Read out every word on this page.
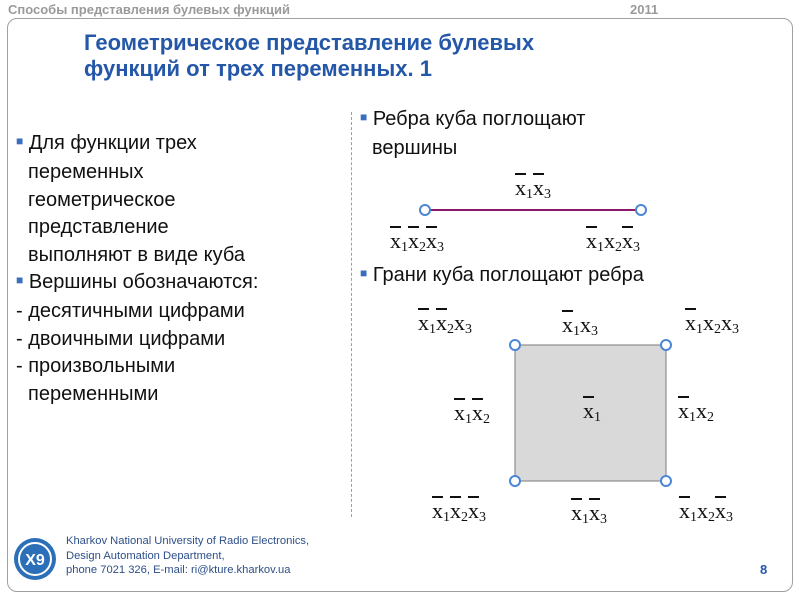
Способы представления булевых функций	2011
Геометрическое представление булевых
функций от трех переменных. 1
■ Для функции трех
переменных
геометрическое
представление
выполняют в виде куба
■ Вершины обозначаются:
- десятичными цифрами
- двоичными цифрами
- произвольными
переменными
■ Ребра куба поглощают
вершины
■ Грани куба поглощают ребра
$\overline{x}_1\overline{x}_3$
$\overline{x}_1\overline{x}_2\overline{x}_3$	$\overline{x}_1x_2\overline{x}_3$
$\overline{x}_1\overline{x}_2x_3$	$\overline{x}_1x_3$	$\overline{x}_1x_2x_3$
$\overline{x}_1\overline{x}_2$	$\overline{x}_1$	$\overline{x}_1x_2$
$\overline{x}_1\overline{x}_2\overline{x}_3$	$\overline{x}_1\overline{x}_3$	$\overline{x}_1x_2\overline{x}_3$
X9
Kharkov National University of Radio Electronics,
Design Automation Department,
phone 7021 326, E-mail: ri@kture.kharkov.ua	8
